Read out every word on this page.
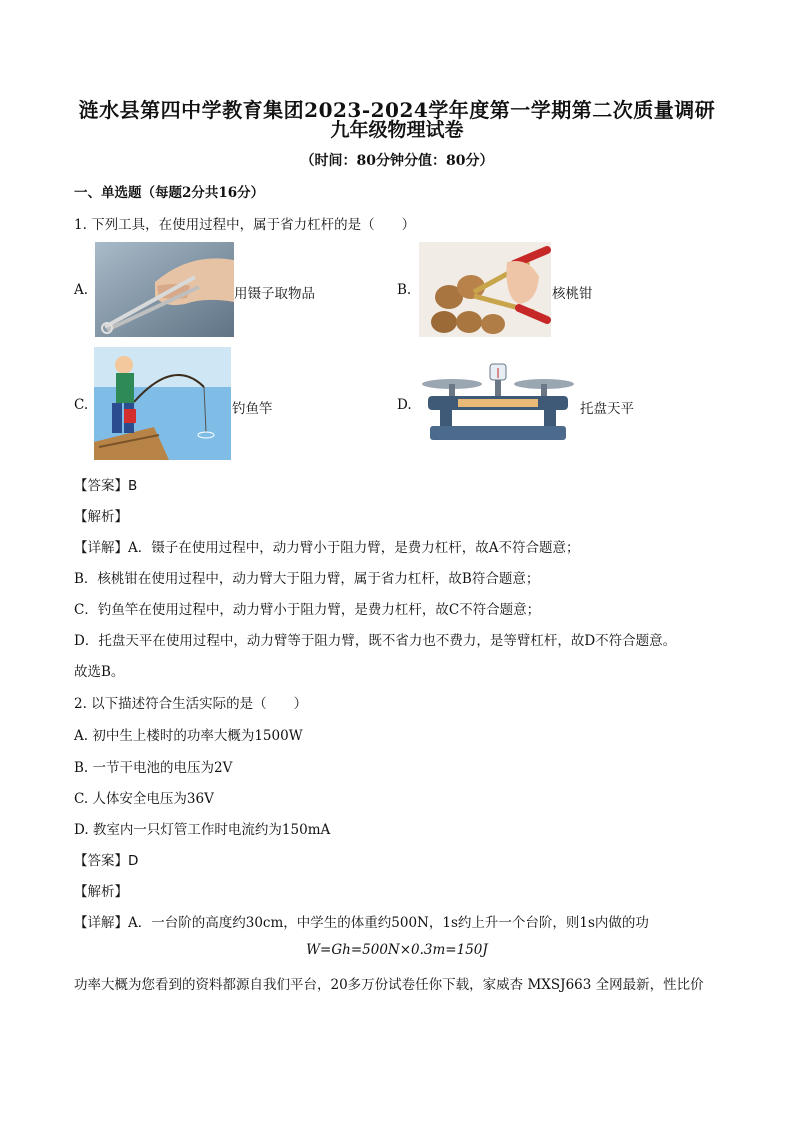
涟水县第四中学教育集团2023-2024学年度第一学期第二次质量调研
九年级物理试卷
（时间：80分钟分值：80分）
一、单选题（每题2分共16分）
1. 下列工具，在使用过程中，属于省力杠杆的是（　　）
A.	用镊子取物品	B.	核桃钳
C.	钓鱼竿	D.	托盘天平
【答案】B
【解析】
【详解】A．镊子在使用过程中，动力臂小于阻力臂，是费力杠杆，故A不符合题意；
B．核桃钳在使用过程中，动力臂大于阻力臂，属于省力杠杆，故B符合题意；
C．钓鱼竿在使用过程中，动力臂小于阻力臂，是费力杠杆，故C不符合题意；
D．托盘天平在使用过程中，动力臂等于阻力臂，既不省力也不费力，是等臂杠杆，故D不符合题意。
故选B。
2. 以下描述符合生活实际的是（　　）
A. 初中生上楼时的功率大概为1500W
B. 一节干电池的电压为2V
C. 人体安全电压为36V
D. 教室内一只灯管工作时电流约为150mA
【答案】D
【解析】
【详解】A．一台阶的高度约30cm，中学生的体重约500N，1s约上升一个台阶，则1s内做的功
W=Gh=500N×0.3m=150J
功率大概为您看到的资料都源自我们平台，20多万份试卷任你下载，家威杏 MXSJ663 全网最新，性比价
